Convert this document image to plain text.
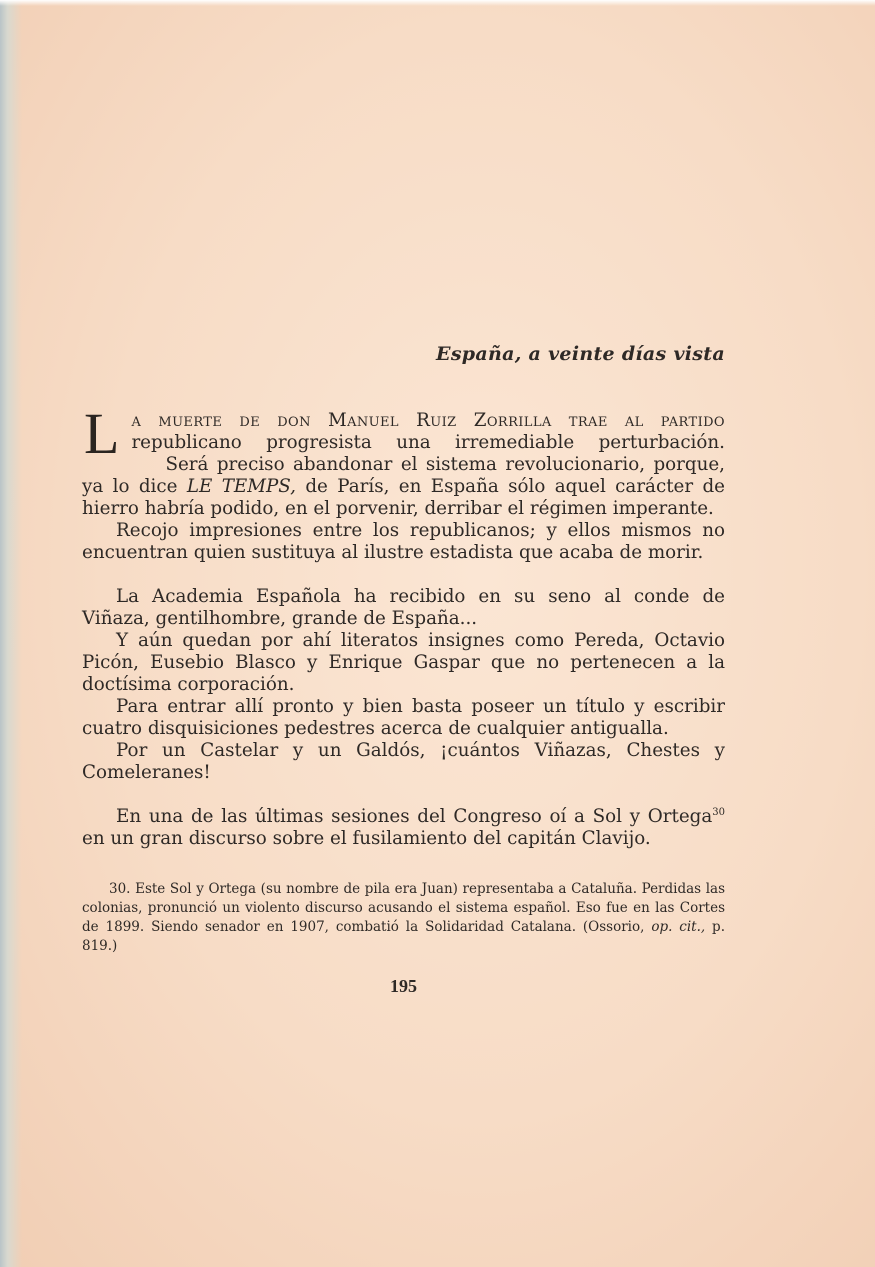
España, a veinte días vista
L a muerte de don Manuel Ruiz Zorrilla trae al partido
republicano progresista una irremediable perturbación.

Será preciso abandonar el sistema revolucionario, porque, ya lo dice LE TEMPS, de París, en España sólo aquel carácter de hierro habría podido, en el porvenir, derribar el régimen imperante.

Recojo impresiones entre los republicanos; y ellos mismos no encuentran quien sustituya al ilustre estadista que acaba de morir.

La Academia Española ha recibido en su seno al conde de Viñaza, gentilhombre, grande de España...

Y aún quedan por ahí literatos insignes como Pereda, Octavio Picón, Eusebio Blasco y Enrique Gaspar que no pertenecen a la doctísima corporación.

Para entrar allí pronto y bien basta poseer un título y escribir cuatro disquisiciones pedestres acerca de cualquier antigualla.

Por un Castelar y un Galdós, ¡cuántos Viñazas, Chestes y Comeleranes!

En una de las últimas sesiones del Congreso oí a Sol y Ortega$^{30}$ en un gran discurso sobre el fusilamiento del capitán Clavijo.

30. Este Sol y Ortega (su nombre de pila era Juan) representaba a Cataluña. Perdidas las colonias, pronunció un violento discurso acusando el sistema español. Eso fue en las Cortes de 1899. Siendo senador en 1907, combatió la Solidaridad Catalana. (Ossorio, op. cit., p. 819.)

195
